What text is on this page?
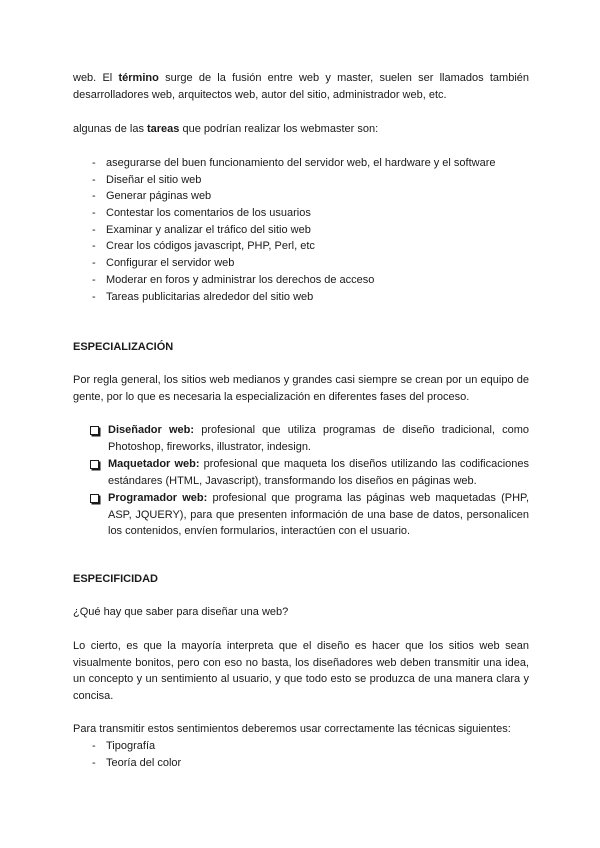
web. El término surge de la fusión entre web y master, suelen ser llamados también desarrolladores web, arquitectos web, autor del sitio, administrador web, etc.

algunas de las tareas que podrían realizar los webmaster son:

- asegurarse del buen funcionamiento del servidor web, el hardware y el software
- Diseñar el sitio web
- Generar páginas web
- Contestar los comentarios de los usuarios
- Examinar y analizar el tráfico del sitio web
- Crear los códigos javascript, PHP, Perl, etc
- Configurar el servidor web
- Moderar en foros y administrar los derechos de acceso
- Tareas publicitarias alrededor del sitio web
ESPECIALIZACIÓN

Por regla general, los sitios web medianos y grandes casi siempre se crean por un equipo de gente, por lo que es necesaria la especialización en diferentes fases del proceso.

Diseñador web: profesional que utiliza programas de diseño tradicional, como Photoshop, fireworks, illustrator, indesign.
Maquetador web: profesional que maqueta los diseños utilizando las codificaciones estándares (HTML, Javascript), transformando los diseños en páginas web.
Programador web: profesional que programa las páginas web maquetadas (PHP, ASP, JQUERY), para que presenten información de una base de datos, personalicen los contenidos, envíen formularios, interactúen con el usuario.
ESPECIFICIDAD

¿Qué hay que saber para diseñar una web?

Lo cierto, es que la mayoría interpreta que el diseño es hacer que los sitios web sean visualmente bonitos, pero con eso no basta, los diseñadores web deben transmitir una idea, un concepto y un sentimiento al usuario, y que todo esto se produzca de una manera clara y concisa.

Para transmitir estos sentimientos deberemos usar correctamente las técnicas siguientes:

- Tipografía
- Teoría del color
